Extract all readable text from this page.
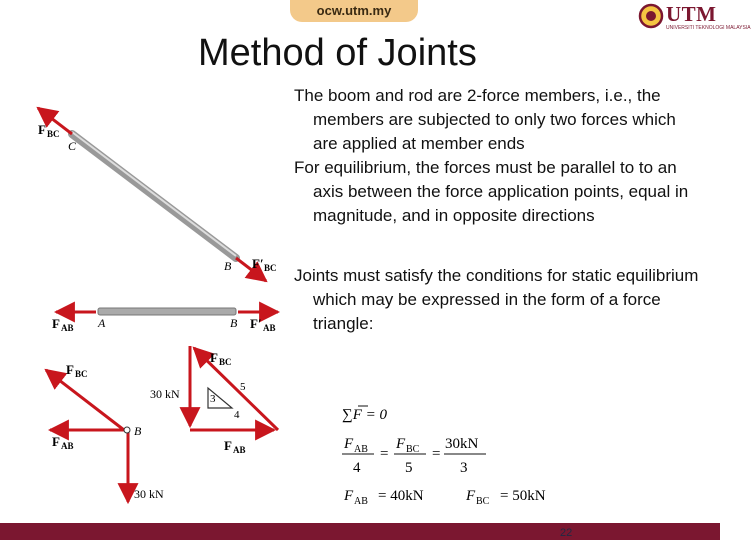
ocw.utm.my	UTM
UNIVERSITI TEKNOLOGI MALAYSIA
Method of Joints

The boom and rod are 2-force members, i.e., the members are subjected to only two forces which are applied at member ends

For equilibrium, the forces must be parallel to to an axis between the force application points, equal in magnitude, and in opposite directions

Joints must satisfy the conditions for static equilibrium which may be expressed in the form of a force triangle:

∑F = 0
F AB
4
=
F BC
5
=
30kN
3
F AB = 40kN	F BC = 50kN
F BC
C
B F′ BC
F AB A	B F′ AB
F BC
F AB
B
30 kN
F BC
30 kN	5
3
4
F AB
22
